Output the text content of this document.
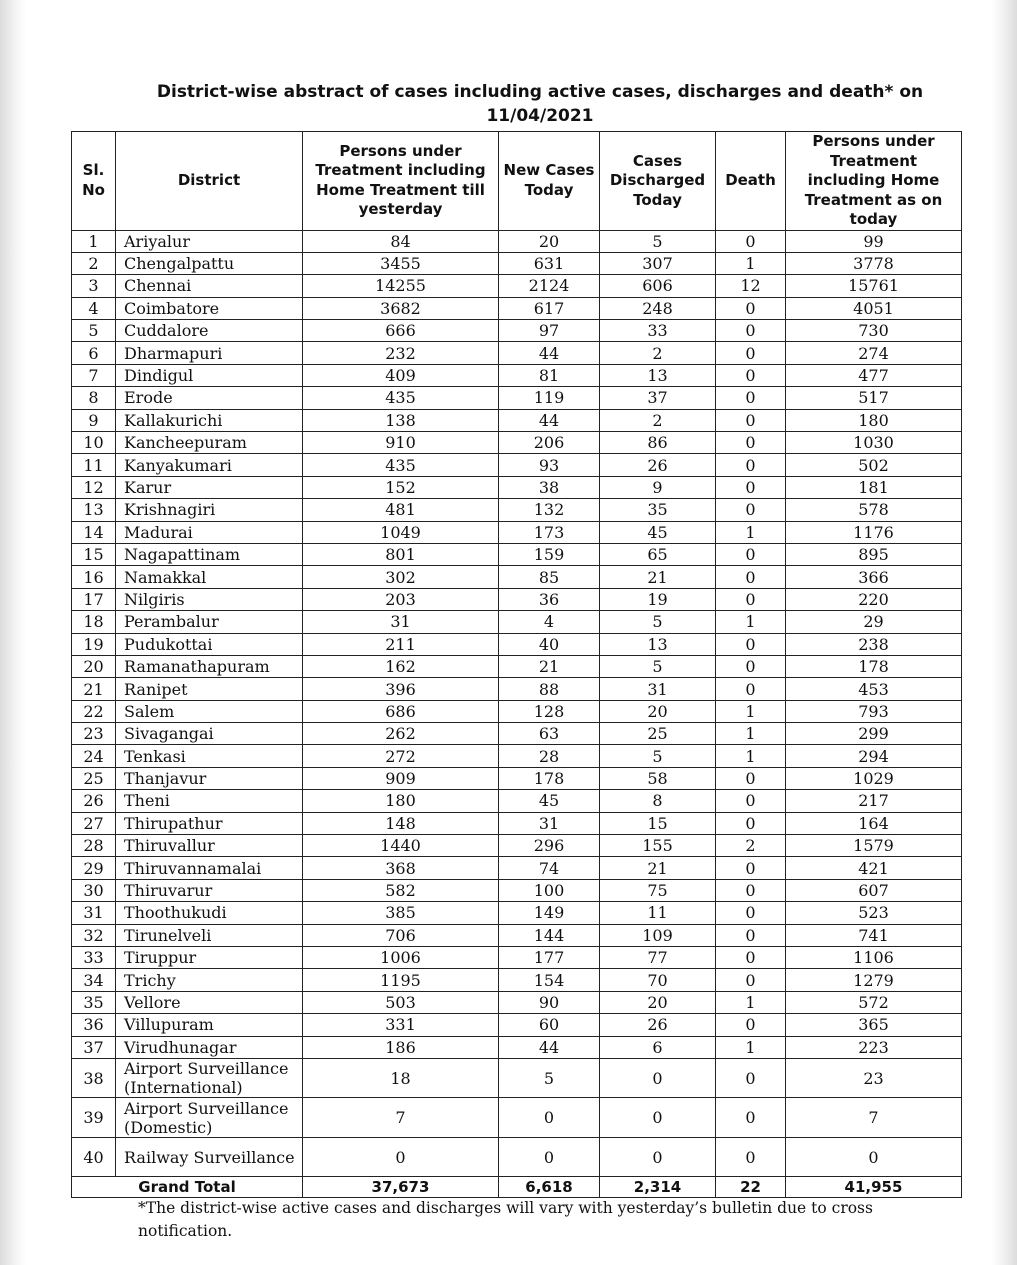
District-wise abstract of cases including active cases, discharges and death* on 11/04/2021
Sl. No	District	Persons under Treatment including Home Treatment till yesterday	New Cases Today	Cases Discharged Today	Death	Persons under Treatment including Home Treatment as on today
1	Ariyalur	84	20	5	0	99
2	Chengalpattu	3455	631	307	1	3778
3	Chennai	14255	2124	606	12	15761
4	Coimbatore	3682	617	248	0	4051
5	Cuddalore	666	97	33	0	730
6	Dharmapuri	232	44	2	0	274
7	Dindigul	409	81	13	0	477
8	Erode	435	119	37	0	517
9	Kallakurichi	138	44	2	0	180
10	Kancheepuram	910	206	86	0	1030
11	Kanyakumari	435	93	26	0	502
12	Karur	152	38	9	0	181
13	Krishnagiri	481	132	35	0	578
14	Madurai	1049	173	45	1	1176
15	Nagapattinam	801	159	65	0	895
16	Namakkal	302	85	21	0	366
17	Nilgiris	203	36	19	0	220
18	Perambalur	31	4	5	1	29
19	Pudukottai	211	40	13	0	238
20	Ramanathapuram	162	21	5	0	178
21	Ranipet	396	88	31	0	453
22	Salem	686	128	20	1	793
23	Sivagangai	262	63	25	1	299
24	Tenkasi	272	28	5	1	294
25	Thanjavur	909	178	58	0	1029
26	Theni	180	45	8	0	217
27	Thirupathur	148	31	15	0	164
28	Thiruvallur	1440	296	155	2	1579
29	Thiruvannamalai	368	74	21	0	421
30	Thiruvarur	582	100	75	0	607
31	Thoothukudi	385	149	11	0	523
32	Tirunelveli	706	144	109	0	741
33	Tiruppur	1006	177	77	0	1106
34	Trichy	1195	154	70	0	1279
35	Vellore	503	90	20	1	572
36	Villupuram	331	60	26	0	365
37	Virudhunagar	186	44	6	1	223
38	Airport Surveillance (International)	18	5	0	0	23
39	Airport Surveillance (Domestic)	7	0	0	0	7
40	Railway Surveillance	0	0	0	0	0
Grand Total		37,673	6,618	2,314	22	41,955
*The district-wise active cases and discharges will vary with yesterday’s bulletin due to cross notification.
